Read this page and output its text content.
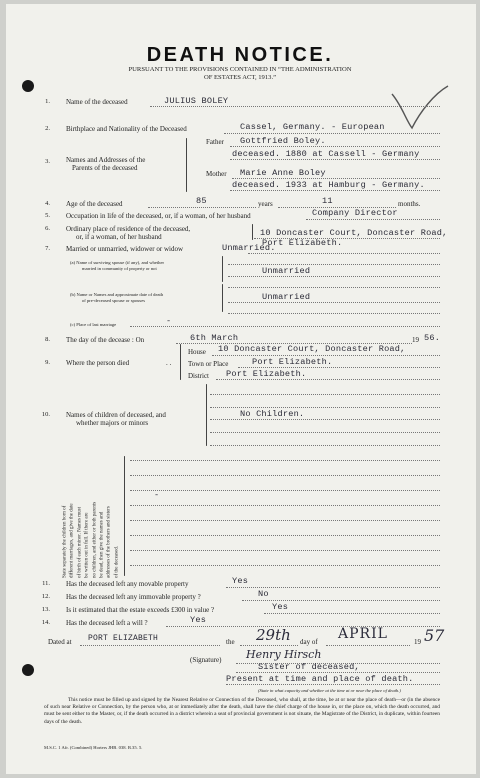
DEATH NOTICE.
PURSUANT TO THE PROVISIONS CONTAINED IN “THE ADMINISTRATION
OF ESTATES ACT, 1913.”
1. Name of the deceased	JULIUS BOLEY
2. Birthplace and Nationality of the Deceased	Cassel, Germany. - European
3. Names and Addresses of the
Parents of the deceased
Father Gottfried Boley.
deceased. 1880 at Cassell - Germany
Mother Marie Anne Boley
deceased. 1933 at Hamburg - Germany.
4. Age of the deceased	85	years	11	months.
5. Occupation in life of the deceased, or, if a woman, of her husband	Company Director
6. Ordinary place of residence of the deceased,
or, if a woman, of her husband	10 Doncaster Court, Doncaster Road,
Port Elizabeth.
7. Married or unmarried, widower or widow	Unmarried.
(a) Name of surviving spouse (if any), and whether
married in community of property or not	Unmarried
(b) Name or Names and approximate date of death
of pre-deceased spouse or spouses	Unmarried
(c) Place of last marriage	-
8. The day of the decease : On	6th March	19 56.
9. Where the person died	. .
House 10 Doncaster Court, Doncaster Road,
Town or Place	Port Elizabeth.
District Port Elizabeth.
10. Names of children of deceased, and
whether majors or minors
No Children.
State separately the children born of different marriages, and give the date of birth of each minor. Names must be written out in full. If there are no children, and either or both parents be dead, then give the names and addresses of the brothers and sisters of the deceased.
-
11. Has the deceased left any movable property	Yes
12. Has the deceased left any immovable property ?	No
13. Is it estimated that the estate exceeds £300 in value ?	Yes
14. Has the deceased left a will ?	Yes
Dated at PORT ELIZABETH	the 29th day of APRIL	19 57
(Signature) Henry Hirsch
Sister of deceased,
Present at time and place of death.
(State in what capacity and whether at the time at or near the place of death.)
This notice must be filled up and signed by the Nearest Relative or Connection of the Deceased, who shall, at the time, be at or near the place of death—or (in the absence of such near Relative or Connection, by the person who, at or immediately after the death, shall have the chief charge of the house in, or the place on, which the death occurred, and must be sent either to the Master, or, if the death occurred in a district wherein a seat of provincial government is not situate, the Magistrate of the District, in duplicate, within fourteen days of the death.
M.S.C. 1 Afr. (Combined) Horters JHB. 038. B.35. 5.
